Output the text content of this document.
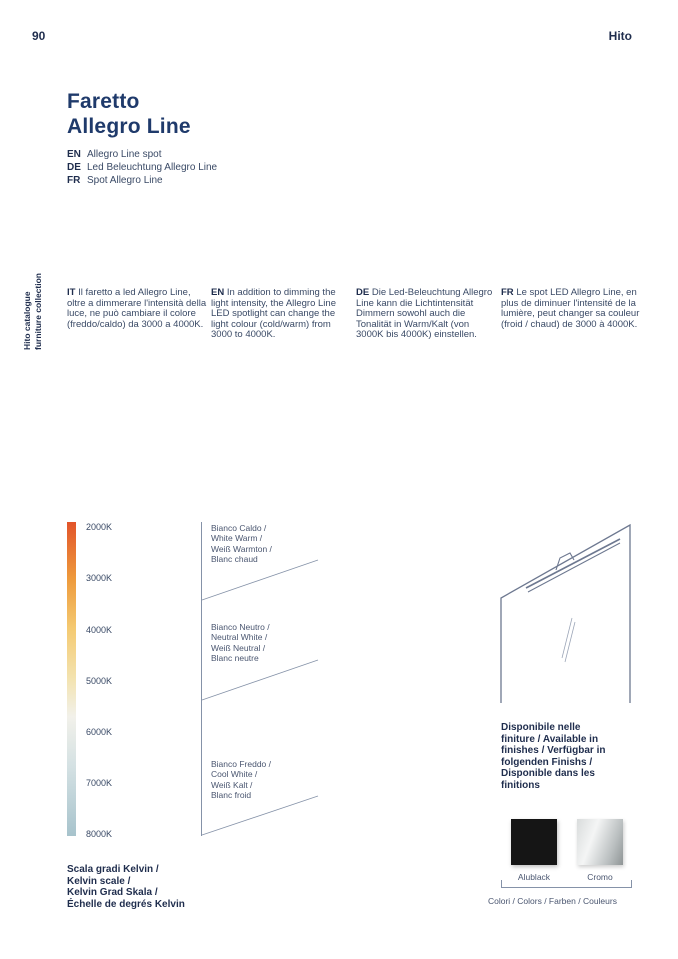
90	Hito
Hito catalogue furniture collection
Faretto
Allegro Line
EN Allegro Line spot
DE Led Beleuchtung Allegro Line
FR Spot Allegro Line
IT Il faretto a led Allegro Line, oltre a dimmerare l'intensità della luce, ne può cambiare il colore (freddo/caldo) da 3000 a 4000K.
EN In addition to dimming the light intensity, the Allegro Line LED spotlight can change the light colour (cold/warm) from 3000 to 4000K.
DE Die Led-Beleuchtung Allegro Line kann die Lichtintensität Dimmern sowohl auch die Tonalität in Warm/Kalt (von 3000K bis 4000K) einstellen.
FR Le spot LED Allegro Line, en plus de diminuer l'intensité de la lumière, peut changer sa couleur (froid / chaud) de 3000 à 4000K.
2000K
3000K
4000K
5000K
6000K
7000K
8000K
Bianco Caldo /
White Warm /
Weiß Warmton /
Blanc chaud
Bianco Neutro /
Neutral White /
Weiß Neutral /
Blanc neutre
Bianco Freddo /
Cool White /
Weiß Kalt /
Blanc froid
Scala gradi Kelvin /
Kelvin scale /
Kelvin Grad Skala /
Échelle de degrés Kelvin
Disponibile nelle
finiture / Available in
finishes / Verfügbar in
folgenden Finishs /
Disponible dans les
finitions
Alublack	Cromo
Colori / Colors / Farben / Couleurs
